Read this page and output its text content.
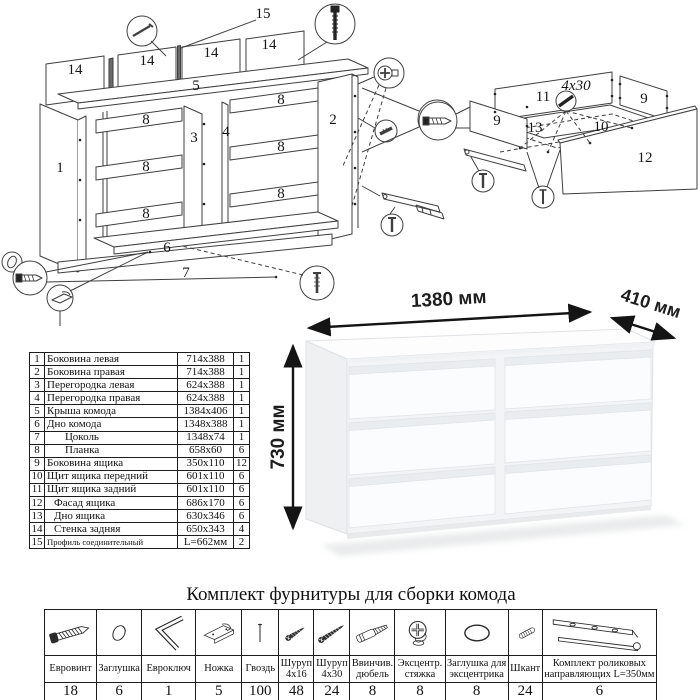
15
14
14	14	14
5
1
3 4
2
8
8
8
8
8
8
6
7
11	9
9 13	10
12
4x30
1380 мм	410 мм
730 мм
1	Боковина левая	714x388	1
2	Боковина правая	714x388	1
3	Перегородка левая	624x388	1
4	Перегородка правая	624x388	1
5	Крыша комода	1384x406	1
6	Дно комода	1348x388	1
7	Цоколь	1348x74	1
8	Планка	658x60	6
9	Боковина ящика	350x110	12
10	Щит ящика передний	601x110	6
11	Щит ящика задний	601x110	6
12	Фасад ящика	686x170	6
13	Дно ящика	630x346	6
14	Стенка задняя	650x343	4
15	Профиль соединительный	L=662мм	2
Комплект фурнитуры для сборки комода

Евровинт	Заглушка	Евроключ	Ножка	Гвоздь	Шуруп 4x16	Шуруп 4x30	Ввинчив. дюбель	Эксцентр. стяжка	Заглушка для эксцентрика	Шкант	Комплект роликовых направляющих L=350мм
18	6	1	5	100	48	24	8	8	8	24	6
